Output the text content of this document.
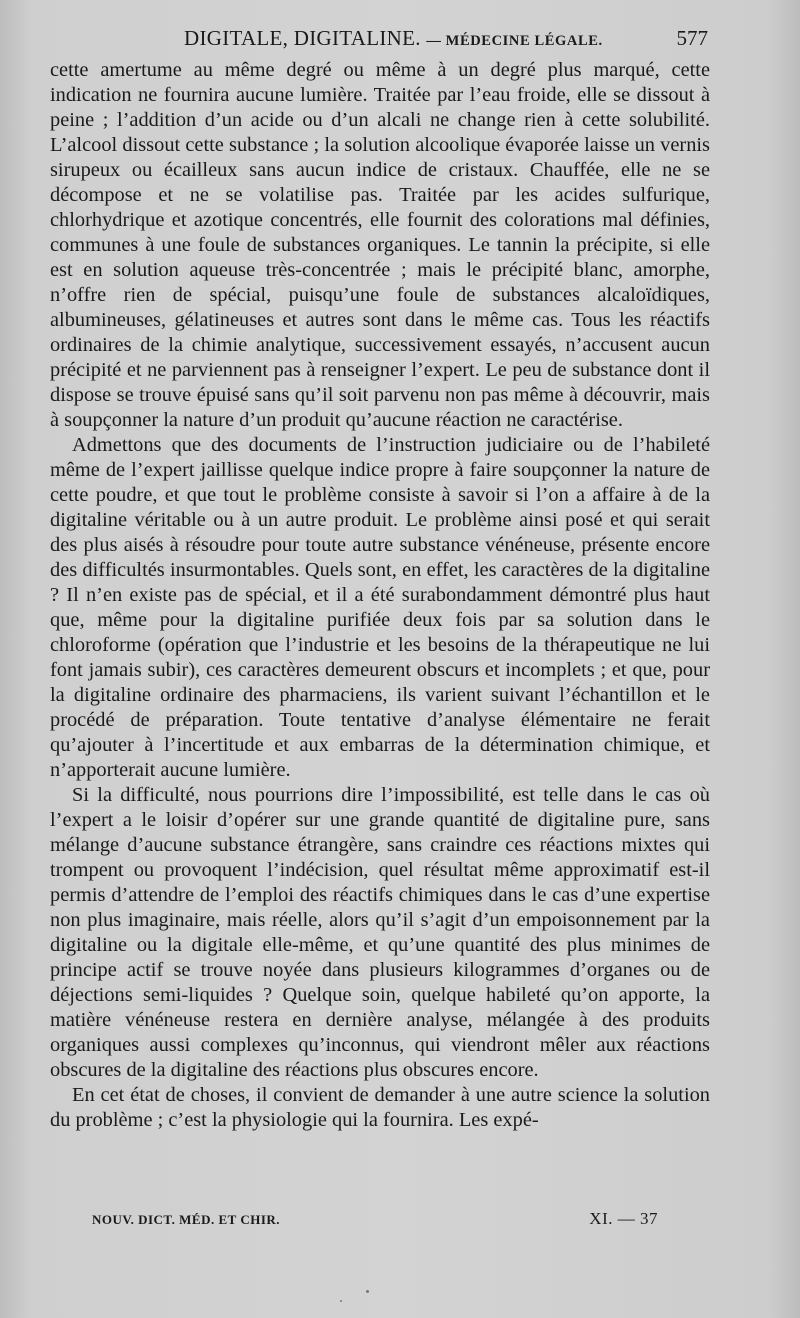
DIGITALE, DIGITALINE. — MÉDECINE LÉGALE.	577

cette amertume au même degré ou même à un degré plus marqué, cette indication ne fournira aucune lumière. Traitée par l’eau froide, elle se dissout à peine ; l’addition d’un acide ou d’un alcali ne change rien à cette solubilité. L’alcool dissout cette substance ; la solution alcoolique évaporée laisse un vernis sirupeux ou écailleux sans aucun indice de cristaux. Chauffée, elle ne se décompose et ne se volatilise pas. Traitée par les acides sulfurique, chlorhydrique et azotique concentrés, elle fournit des colorations mal définies, communes à une foule de substances organiques. Le tannin la précipite, si elle est en solution aqueuse très-concentrée ; mais le précipité blanc, amorphe, n’offre rien de spécial, puisqu’une foule de substances alcaloïdiques, albumineuses, gélatineuses et autres sont dans le même cas. Tous les réactifs ordinaires de la chimie analytique, successivement essayés, n’accusent aucun précipité et ne parviennent pas à renseigner l’expert. Le peu de substance dont il dispose se trouve épuisé sans qu’il soit parvenu non pas même à découvrir, mais à soupçonner la nature d’un produit qu’aucune réaction ne caractérise.

Admettons que des documents de l’instruction judiciaire ou de l’habileté même de l’expert jaillisse quelque indice propre à faire soupçonner la nature de cette poudre, et que tout le problème consiste à savoir si l’on a affaire à de la digitaline véritable ou à un autre produit. Le problème ainsi posé et qui serait des plus aisés à résoudre pour toute autre substance vénéneuse, présente encore des difficultés insurmontables. Quels sont, en effet, les caractères de la digitaline ? Il n’en existe pas de spécial, et il a été surabondamment démontré plus haut que, même pour la digitaline purifiée deux fois par sa solution dans le chloroforme (opération que l’industrie et les besoins de la thérapeutique ne lui font jamais subir), ces caractères demeurent obscurs et incomplets ; et que, pour la digitaline ordinaire des pharmaciens, ils varient suivant l’échantillon et le procédé de préparation. Toute tentative d’analyse élémentaire ne ferait qu’ajouter à l’incertitude et aux embarras de la détermination chimique, et n’apporterait aucune lumière.

Si la difficulté, nous pourrions dire l’impossibilité, est telle dans le cas où l’expert a le loisir d’opérer sur une grande quantité de digitaline pure, sans mélange d’aucune substance étrangère, sans craindre ces réactions mixtes qui trompent ou provoquent l’indécision, quel résultat même approximatif est-il permis d’attendre de l’emploi des réactifs chimiques dans le cas d’une expertise non plus imaginaire, mais réelle, alors qu’il s’agit d’un empoisonnement par la digitaline ou la digitale elle-même, et qu’une quantité des plus minimes de principe actif se trouve noyée dans plusieurs kilogrammes d’organes ou de déjections semi-liquides ? Quelque soin, quelque habileté qu’on apporte, la matière vénéneuse restera en dernière analyse, mélangée à des produits organiques aussi complexes qu’inconnus, qui viendront mêler aux réactions obscures de la digitaline des réactions plus obscures encore.

En cet état de choses, il convient de demander à une autre science la solution du problème ; c’est la physiologie qui la fournira. Les expé-

NOUV. DICT. MÉD. ET CHIR.	XI. — 37
